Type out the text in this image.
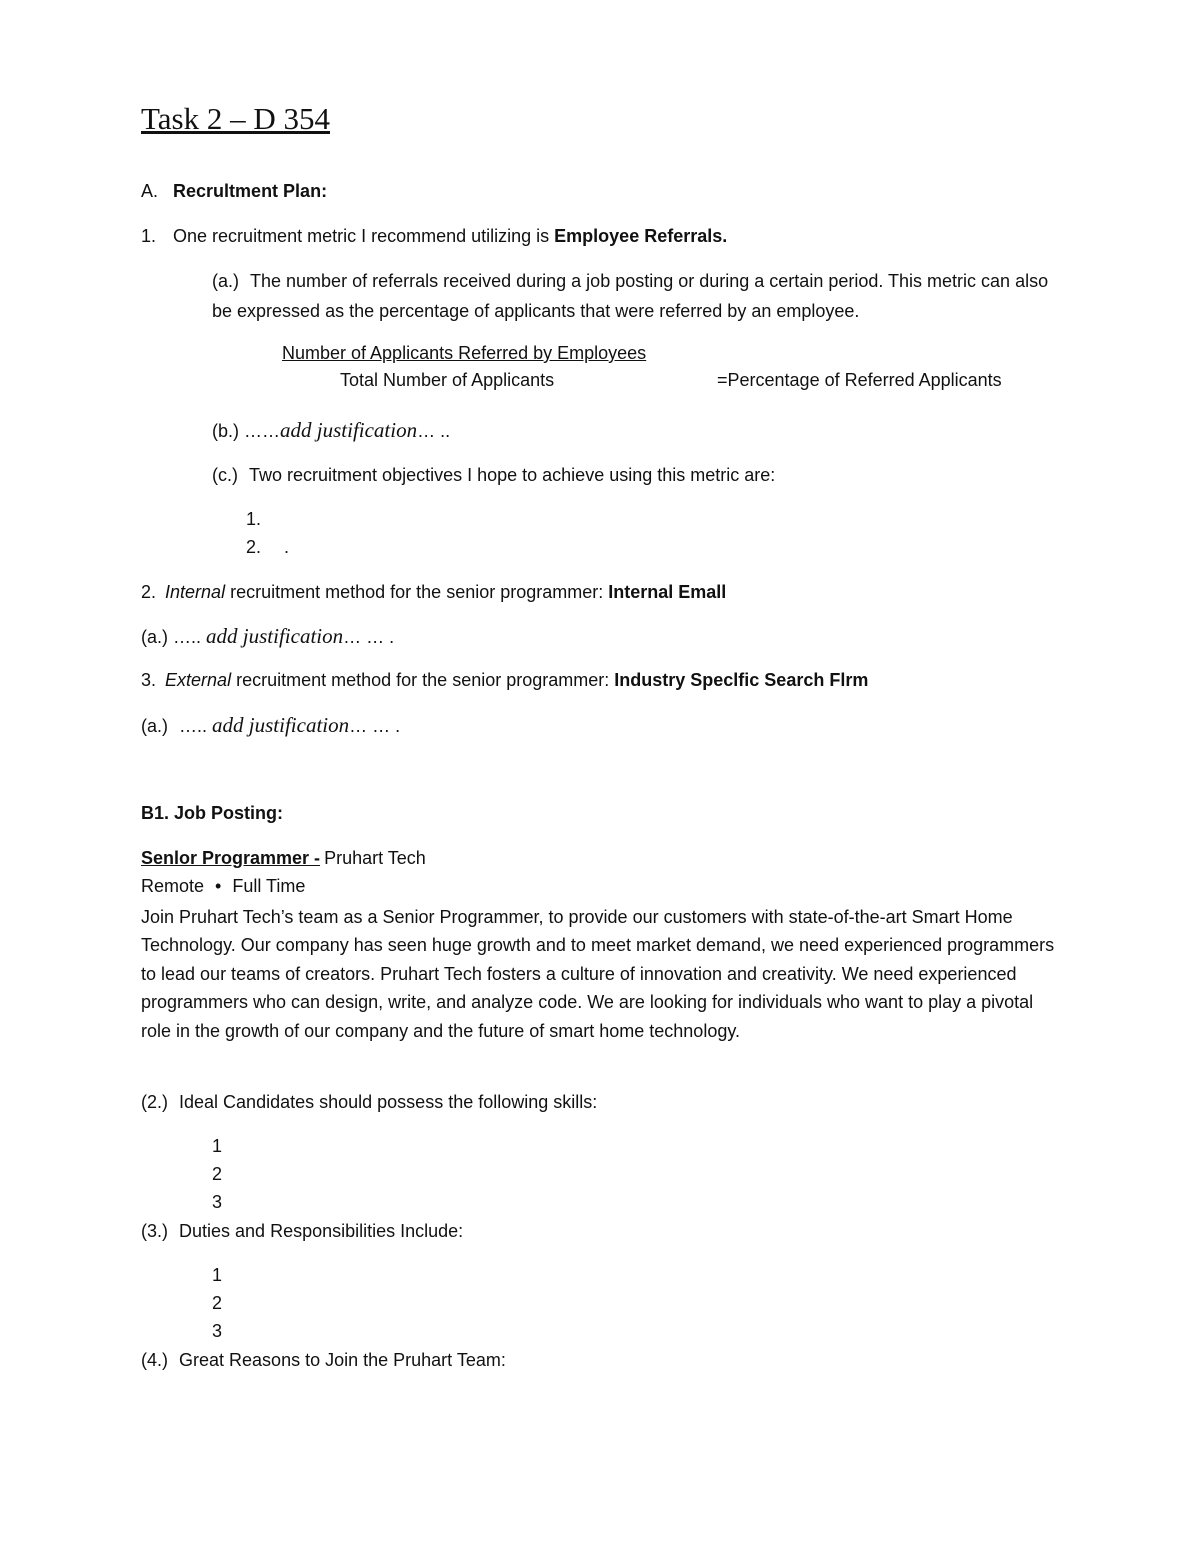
Task 2 – D 354
A. Recrultment Plan:
1. One recruitment metric I recommend utilizing is Employee Referrals.
(a.) The number of referrals received during a job posting or during a certain period. This metric can also be expressed as the percentage of applicants that were referred by an employee.
Number of Applicants Referred by Employees
Total Number of Applicants	=Percentage of Referred Applicants
(b.) ……add justification… ..
(c.) Two recruitment objectives I hope to achieve using this metric are:
1.
2. .
2. Internal recruitment method for the senior programmer: Internal Emall
(a.) ….. add justification… … .
3. External recruitment method for the senior programmer: Industry Speclfic Search Flrm
(a.) ….. add justification… … .
B1. Job Posting:
Senlor Programmer - Pruhart Tech
Remote • Full Time
Join Pruhart Tech’s team as a Senior Programmer, to provide our customers with state-of-the-art Smart Home Technology. Our company has seen huge growth and to meet market demand, we need experienced programmers to lead our teams of creators. Pruhart Tech fosters a culture of innovation and creativity. We need experienced programmers who can design, write, and analyze code. We are looking for individuals who want to play a pivotal role in the growth of our company and the future of smart home technology.
(2.) Ideal Candidates should possess the following skills:
1
2
3
(3.) Duties and Responsibilities Include:
1
2
3
(4.) Great Reasons to Join the Pruhart Team:
